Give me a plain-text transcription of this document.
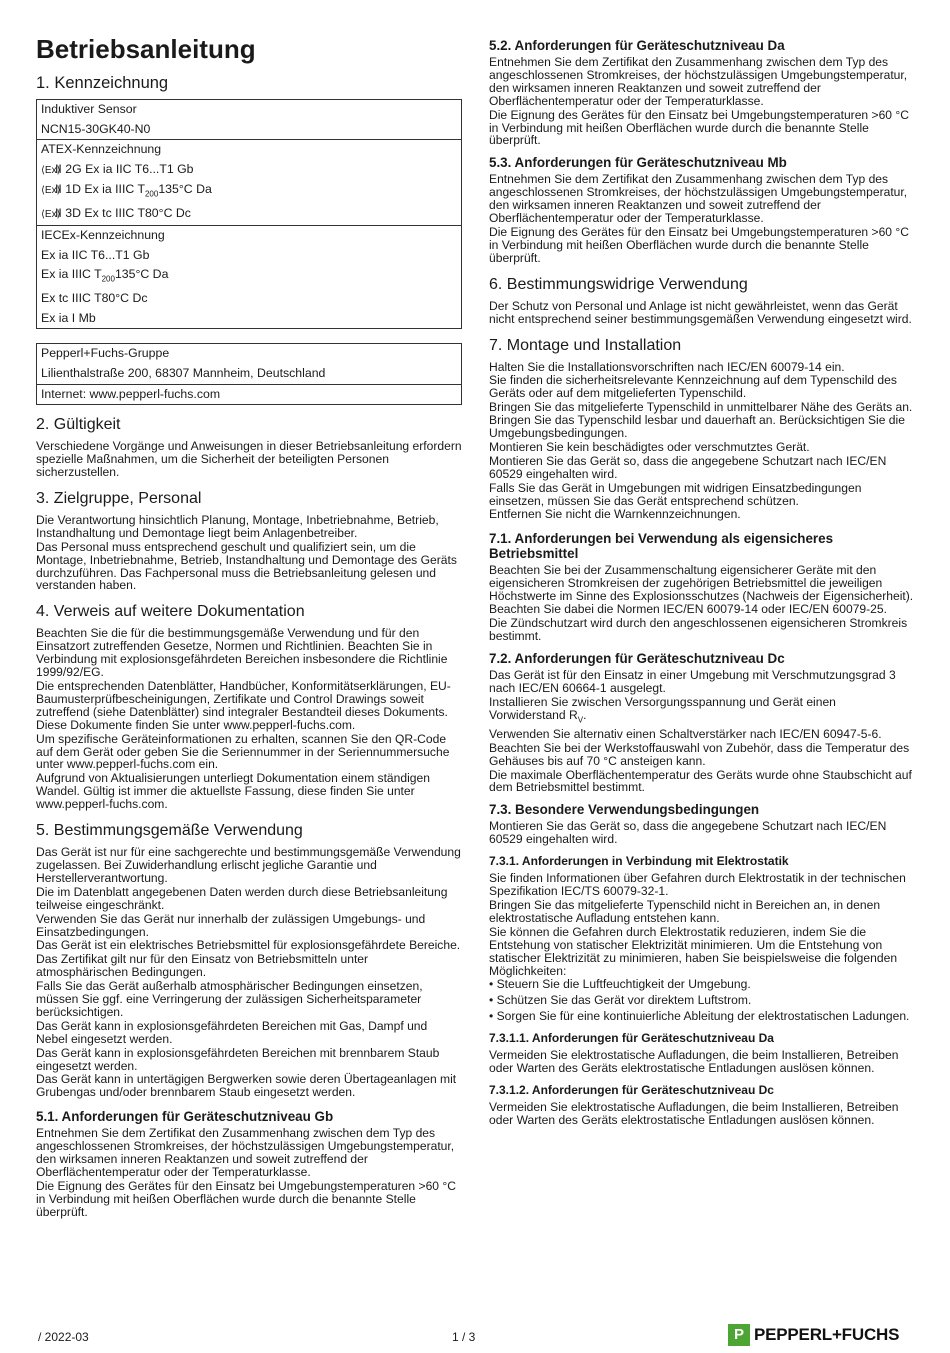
Betriebsanleitung
1. Kennzeichnung
Induktiver Sensor
NCN15-30GK40-N0
ATEX-Kennzeichnung
⟨Ex⟩II 2G Ex ia IIC T6...T1 Gb
⟨Ex⟩II 1D Ex ia IIIC $T_{200}135^\circ C$ Da
⟨Ex⟩II 3D Ex tc IIIC T80°C Dc
IECEx-Kennzeichnung
Ex ia IIC T6...T1 Gb
Ex ia IIIC $T_{200}135^\circ C$ Da
Ex tc IIIC T80°C Dc
Ex ia I Mb
Pepperl+Fuchs-Gruppe
Lilienthalstraße 200, 68307 Mannheim, Deutschland
Internet: www.pepperl-fuchs.com
2. Gültigkeit

Verschiedene Vorgänge und Anweisungen in dieser Betriebsanleitung erfordern spezielle Maßnahmen, um die Sicherheit der beteiligten Personen sicherzustellen.

3. Zielgruppe, Personal

Die Verantwortung hinsichtlich Planung, Montage, Inbetriebnahme, Betrieb, Instandhaltung und Demontage liegt beim Anlagenbetreiber.

Das Personal muss entsprechend geschult und qualifiziert sein, um die Montage, Inbetriebnahme, Betrieb, Instandhaltung und Demontage des Geräts durchzuführen. Das Fachpersonal muss die Betriebsanleitung gelesen und verstanden haben.

4. Verweis auf weitere Dokumentation

Beachten Sie die für die bestimmungsgemäße Verwendung und für den Einsatzort zutreffenden Gesetze, Normen und Richtlinien. Beachten Sie in Verbindung mit explosionsgefährdeten Bereichen insbesondere die Richtlinie 1999/92/EG.

Die entsprechenden Datenblätter, Handbücher, Konformitätserklärungen, EU-Baumusterprüfbescheinigungen, Zertifikate und Control Drawings soweit zutreffend (siehe Datenblätter) sind integraler Bestandteil dieses Dokuments. Diese Dokumente finden Sie unter www.pepperl-fuchs.com.

Um spezifische Geräteinformationen zu erhalten, scannen Sie den QR-Code auf dem Gerät oder geben Sie die Seriennummer in der Seriennummersuche unter www.pepperl-fuchs.com ein.

Aufgrund von Aktualisierungen unterliegt Dokumentation einem ständigen Wandel. Gültig ist immer die aktuellste Fassung, diese finden Sie unter www.pepperl-fuchs.com.

5. Bestimmungsgemäße Verwendung

Das Gerät ist nur für eine sachgerechte und bestimmungsgemäße Verwendung zugelassen. Bei Zuwiderhandlung erlischt jegliche Garantie und Herstellerverantwortung.

Die im Datenblatt angegebenen Daten werden durch diese Betriebsanleitung teilweise eingeschränkt.

Verwenden Sie das Gerät nur innerhalb der zulässigen Umgebungs- und Einsatzbedingungen.

Das Gerät ist ein elektrisches Betriebsmittel für explosionsgefährdete Bereiche.

Das Zertifikat gilt nur für den Einsatz von Betriebsmitteln unter atmosphärischen Bedingungen.

Falls Sie das Gerät außerhalb atmosphärischer Bedingungen einsetzen, müssen Sie ggf. eine Verringerung der zulässigen Sicherheitsparameter berücksichtigen.

Das Gerät kann in explosionsgefährdeten Bereichen mit Gas, Dampf und Nebel eingesetzt werden.

Das Gerät kann in explosionsgefährdeten Bereichen mit brennbarem Staub eingesetzt werden.

Das Gerät kann in untertägigen Bergwerken sowie deren Übertageanlagen mit Grubengas und/oder brennbarem Staub eingesetzt werden.

5.1. Anforderungen für Geräteschutzniveau Gb

Entnehmen Sie dem Zertifikat den Zusammenhang zwischen dem Typ des angeschlossenen Stromkreises, der höchstzulässigen Umgebungstemperatur, den wirksamen inneren Reaktanzen und soweit zutreffend der Oberflächentemperatur oder der Temperaturklasse.

Die Eignung des Gerätes für den Einsatz bei Umgebungstemperaturen >60 °C in Verbindung mit heißen Oberflächen wurde durch die benannte Stelle überprüft.

5.2. Anforderungen für Geräteschutzniveau Da

Entnehmen Sie dem Zertifikat den Zusammenhang zwischen dem Typ des angeschlossenen Stromkreises, der höchstzulässigen Umgebungstemperatur, den wirksamen inneren Reaktanzen und soweit zutreffend der Oberflächentemperatur oder der Temperaturklasse.

Die Eignung des Gerätes für den Einsatz bei Umgebungstemperaturen >60 °C in Verbindung mit heißen Oberflächen wurde durch die benannte Stelle überprüft.

5.3. Anforderungen für Geräteschutzniveau Mb

Entnehmen Sie dem Zertifikat den Zusammenhang zwischen dem Typ des angeschlossenen Stromkreises, der höchstzulässigen Umgebungstemperatur, den wirksamen inneren Reaktanzen und soweit zutreffend der Oberflächentemperatur oder der Temperaturklasse.

Die Eignung des Gerätes für den Einsatz bei Umgebungstemperaturen >60 °C in Verbindung mit heißen Oberflächen wurde durch die benannte Stelle überprüft.

6. Bestimmungswidrige Verwendung

Der Schutz von Personal und Anlage ist nicht gewährleistet, wenn das Gerät nicht entsprechend seiner bestimmungsgemäßen Verwendung eingesetzt wird.

7. Montage und Installation

Halten Sie die Installationsvorschriften nach IEC/EN 60079-14 ein.

Sie finden die sicherheitsrelevante Kennzeichnung auf dem Typenschild des Geräts oder auf dem mitgelieferten Typenschild.

Bringen Sie das mitgelieferte Typenschild in unmittelbarer Nähe des Geräts an. Bringen Sie das Typenschild lesbar und dauerhaft an. Berücksichtigen Sie die Umgebungsbedingungen.

Montieren Sie kein beschädigtes oder verschmutztes Gerät.

Montieren Sie das Gerät so, dass die angegebene Schutzart nach IEC/EN 60529 eingehalten wird.

Falls Sie das Gerät in Umgebungen mit widrigen Einsatzbedingungen einsetzen, müssen Sie das Gerät entsprechend schützen.

Entfernen Sie nicht die Warnkennzeichnungen.

7.1. Anforderungen bei Verwendung als eigensicheres Betriebsmittel

Beachten Sie bei der Zusammenschaltung eigensicherer Geräte mit den eigensicheren Stromkreisen der zugehörigen Betriebsmittel die jeweiligen Höchstwerte im Sinne des Explosionsschutzes (Nachweis der Eigensicherheit). Beachten Sie dabei die Normen IEC/EN 60079-14 oder IEC/EN 60079-25.

Die Zündschutzart wird durch den angeschlossenen eigensicheren Stromkreis bestimmt.

7.2. Anforderungen für Geräteschutzniveau Dc

Das Gerät ist für den Einsatz in einer Umgebung mit Verschmutzungsgrad 3 nach IEC/EN 60664-1 ausgelegt.

Installieren Sie zwischen Versorgungsspannung und Gerät einen Vorwiderstand $R_V$.

Verwenden Sie alternativ einen Schaltverstärker nach IEC/EN 60947-5-6.

Beachten Sie bei der Werkstoffauswahl von Zubehör, dass die Temperatur des Gehäuses bis auf 70 °C ansteigen kann.

Die maximale Oberflächentemperatur des Geräts wurde ohne Staubschicht auf dem Betriebsmittel bestimmt.

7.3. Besondere Verwendungsbedingungen

Montieren Sie das Gerät so, dass die angegebene Schutzart nach IEC/EN 60529 eingehalten wird.

7.3.1. Anforderungen in Verbindung mit Elektrostatik

Sie finden Informationen über Gefahren durch Elektrostatik in der technischen Spezifikation IEC/TS 60079-32-1.

Bringen Sie das mitgelieferte Typenschild nicht in Bereichen an, in denen elektrostatische Aufladung entstehen kann.

Sie können die Gefahren durch Elektrostatik reduzieren, indem Sie die Entstehung von statischer Elektrizität minimieren. Um die Entstehung von statischer Elektrizität zu minimieren, haben Sie beispielsweise die folgenden Möglichkeiten:

• Steuern Sie die Luftfeuchtigkeit der Umgebung.

• Schützen Sie das Gerät vor direktem Luftstrom.

• Sorgen Sie für eine kontinuierliche Ableitung der elektrostatischen Ladungen.

7.3.1.1. Anforderungen für Geräteschutzniveau Da

Vermeiden Sie elektrostatische Aufladungen, die beim Installieren, Betreiben oder Warten des Geräts elektrostatische Entladungen auslösen können.

7.3.1.2. Anforderungen für Geräteschutzniveau Dc

Vermeiden Sie elektrostatische Aufladungen, die beim Installieren, Betreiben oder Warten des Geräts elektrostatische Entladungen auslösen können.

/ 2022-03	1 / 3	P PEPPERL+FUCHS
